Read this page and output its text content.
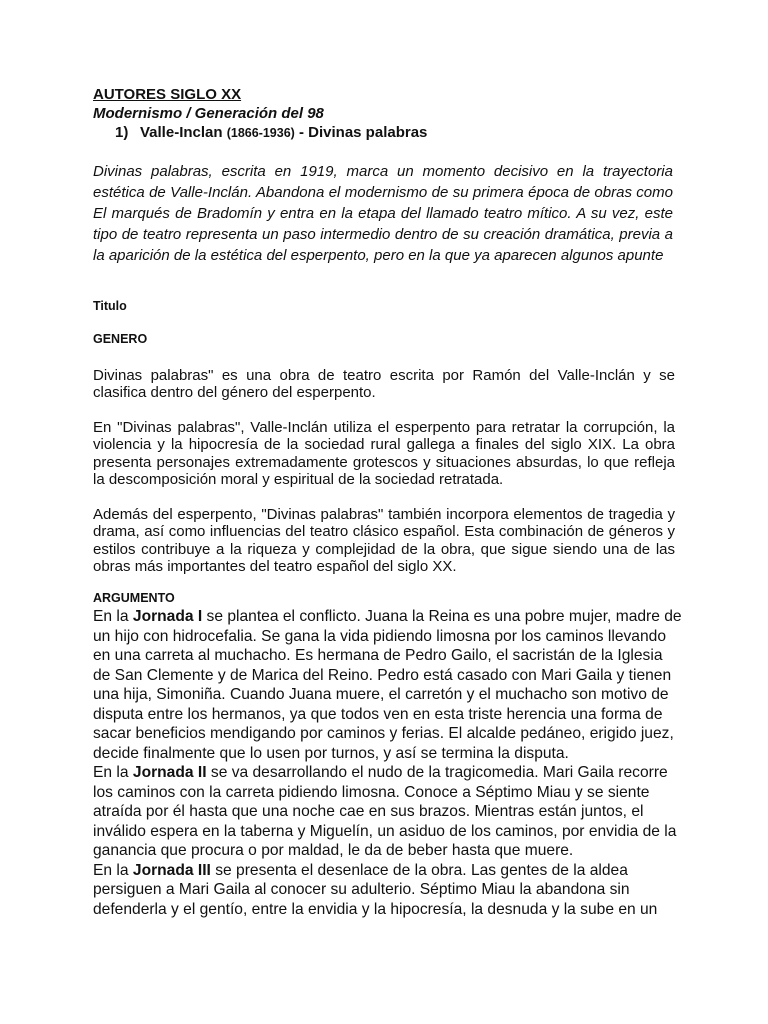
AUTORES SIGLO XX
Modernismo / Generación del 98
1) Valle-Inclan (1866-1936) - Divinas palabras
Divinas palabras, escrita en 1919, marca un momento decisivo en la trayectoria estética de Valle-Inclán. Abandona el modernismo de su primera época de obras como El marqués de Bradomín y entra en la etapa del llamado teatro mítico. A su vez, este tipo de teatro representa un paso intermedio dentro de su creación dramática, previa a la aparición de la estética del esperpento, pero en la que ya aparecen algunos apunte
Titulo
GENERO
Divinas palabras" es una obra de teatro escrita por Ramón del Valle-Inclán y se clasifica dentro del género del esperpento.
En "Divinas palabras", Valle-Inclán utiliza el esperpento para retratar la corrupción, la violencia y la hipocresía de la sociedad rural gallega a finales del siglo XIX. La obra presenta personajes extremadamente grotescos y situaciones absurdas, lo que refleja la descomposición moral y espiritual de la sociedad retratada.
Además del esperpento, "Divinas palabras" también incorpora elementos de tragedia y drama, así como influencias del teatro clásico español. Esta combinación de géneros y estilos contribuye a la riqueza y complejidad de la obra, que sigue siendo una de las obras más importantes del teatro español del siglo XX.
ARGUMENTO
En la Jornada I se plantea el conflicto. Juana la Reina es una pobre mujer, madre de un hijo con hidrocefalia. Se gana la vida pidiendo limosna por los caminos llevando en una carreta al muchacho. Es hermana de Pedro Gailo, el sacristán de la Iglesia de San Clemente y de Marica del Reino. Pedro está casado con Mari Gaila y tienen una hija, Simoniña. Cuando Juana muere, el carretón y el muchacho son motivo de disputa entre los hermanos, ya que todos ven en esta triste herencia una forma de sacar beneficios mendigando por caminos y ferias. El alcalde pedáneo, erigido juez, decide finalmente que lo usen por turnos, y así se termina la disputa.
En la Jornada II se va desarrollando el nudo de la tragicomedia. Mari Gaila recorre los caminos con la carreta pidiendo limosna. Conoce a Séptimo Miau y se siente atraída por él hasta que una noche cae en sus brazos. Mientras están juntos, el inválido espera en la taberna y Miguelín, un asiduo de los caminos, por envidia de la ganancia que procura o por maldad, le da de beber hasta que muere.
En la Jornada III se presenta el desenlace de la obra. Las gentes de la aldea persiguen a Mari Gaila al conocer su adulterio. Séptimo Miau la abandona sin defenderla y el gentío, entre la envidia y la hipocresía, la desnuda y la sube en un
